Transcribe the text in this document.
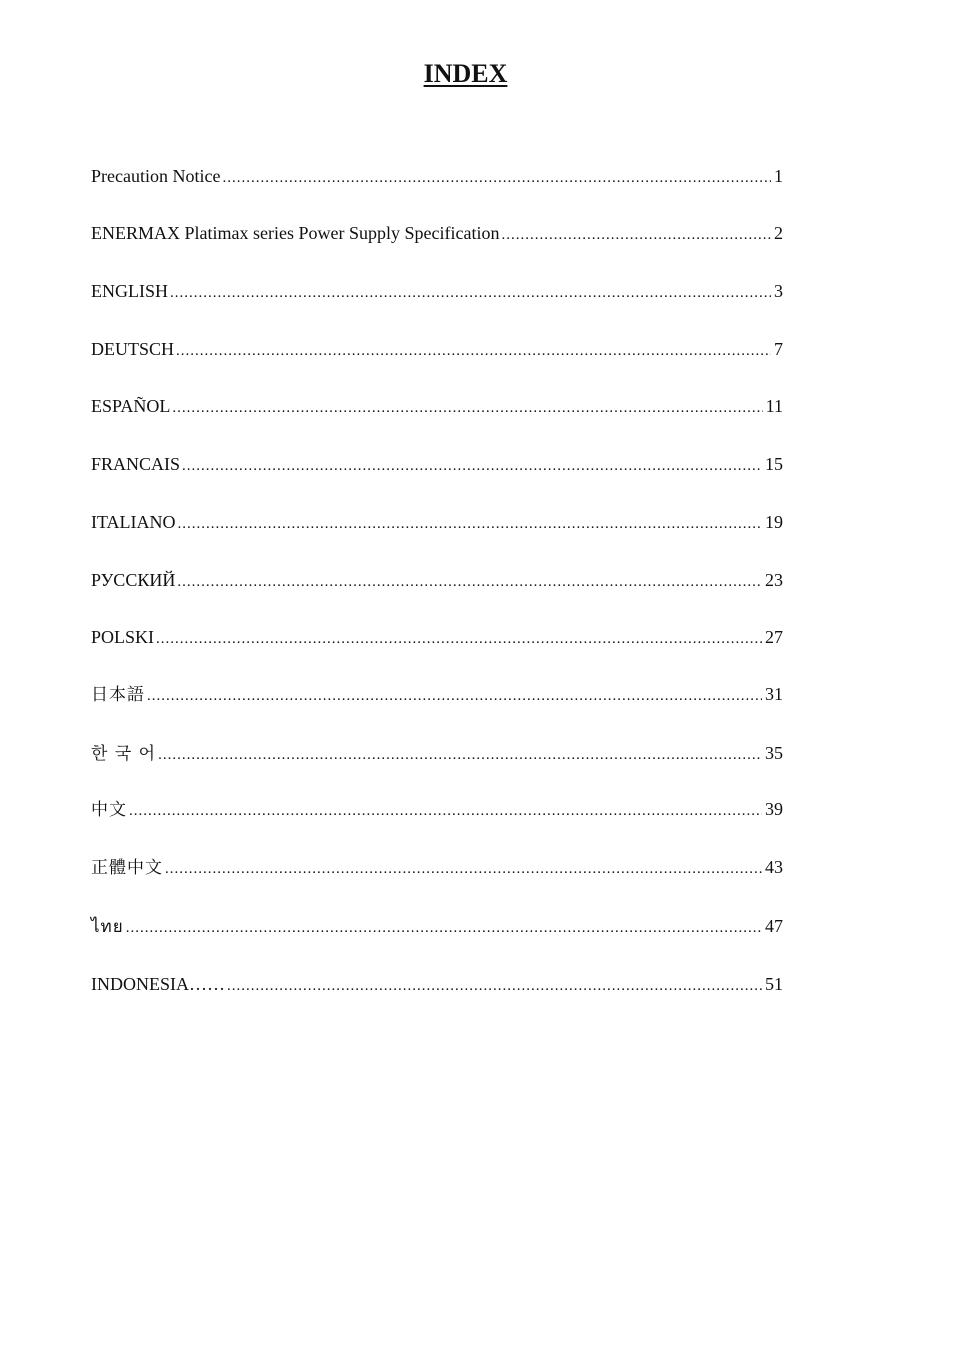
INDEX
Precaution Notice .....	1
ENERMAX Platimax series Power Supply Specification .....	2
ENGLISH .....	3
DEUTSCH .....	7
ESPAÑOL .....	11
FRANCAIS .....	15
ITALIANO .....	19
РУССКИЙ .....	23
POLSKI .....	27
日本語 .....	31
한 국 어 .....	35
中文 .....	39
正體中文 .....	43
ไทย .....	47
INDONESIA…… .....	51
